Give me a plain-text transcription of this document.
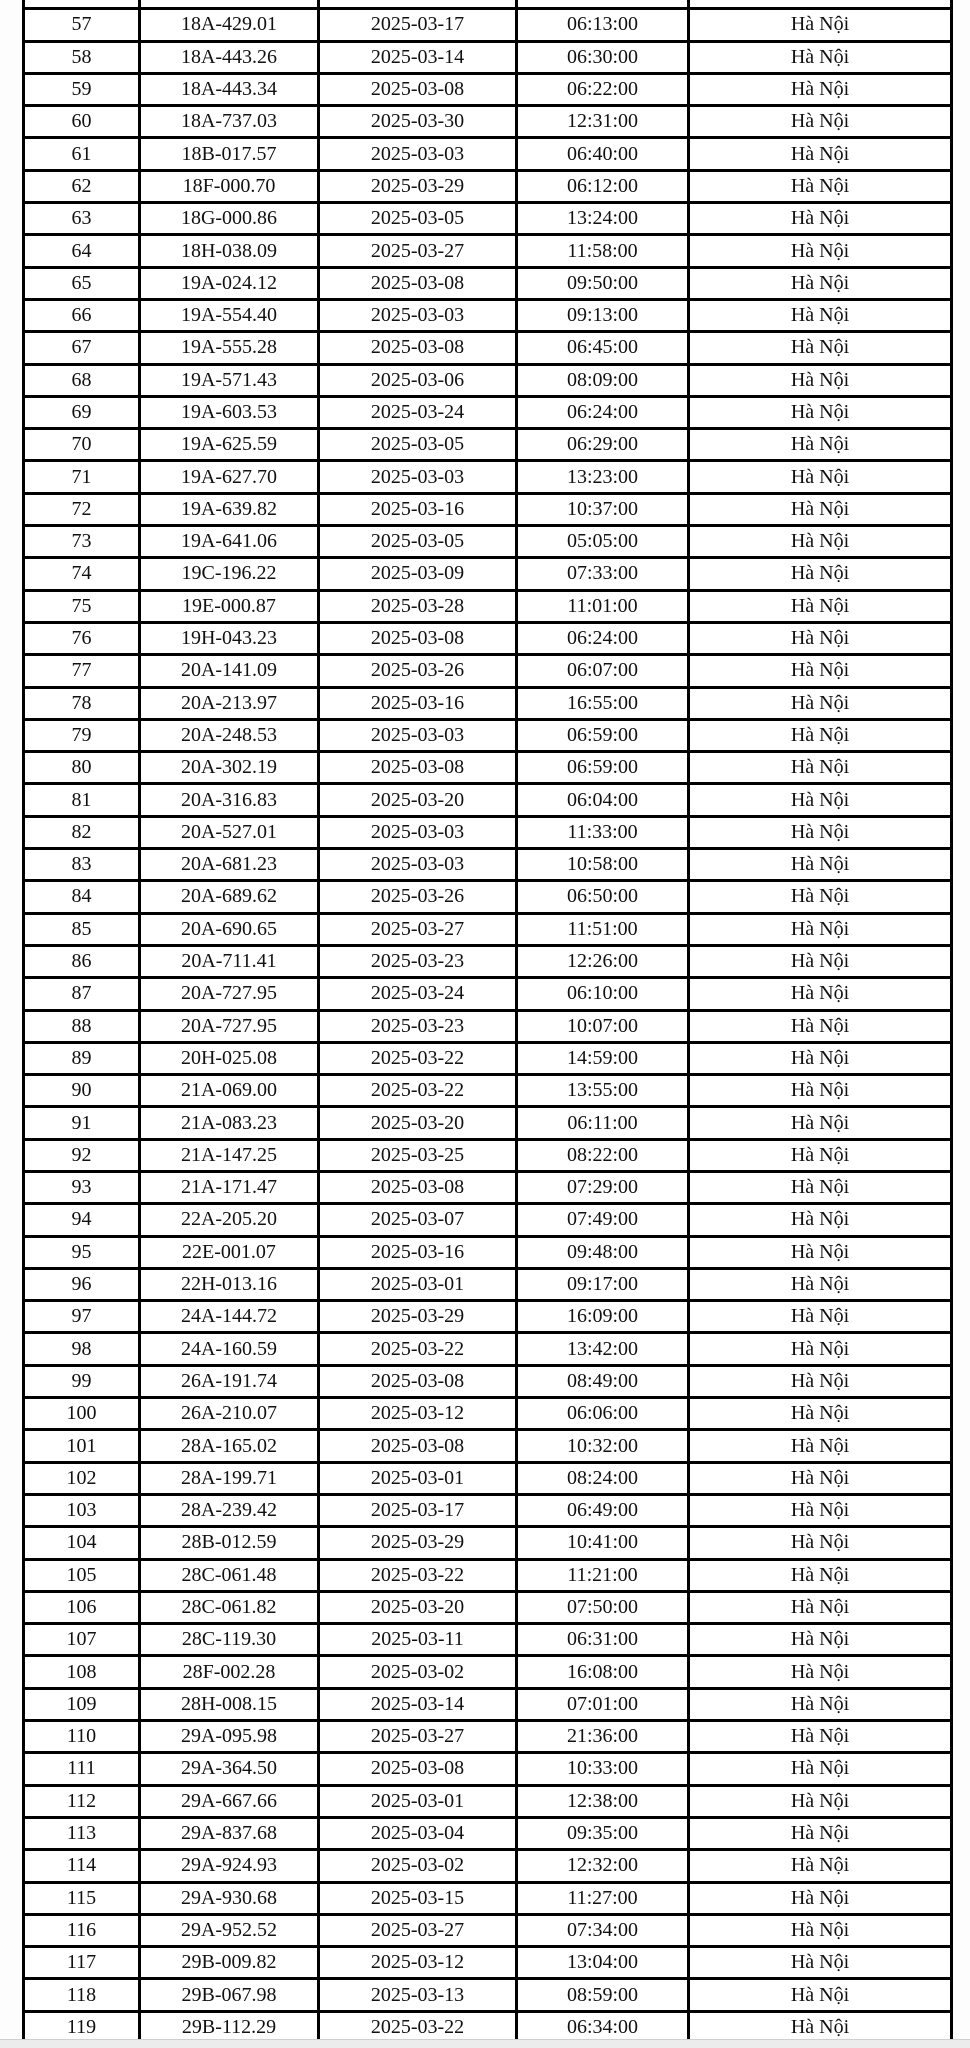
57	18A-429.01	2025-03-17	06:13:00	Hà Nội
58	18A-443.26	2025-03-14	06:30:00	Hà Nội
59	18A-443.34	2025-03-08	06:22:00	Hà Nội
60	18A-737.03	2025-03-30	12:31:00	Hà Nội
61	18B-017.57	2025-03-03	06:40:00	Hà Nội
62	18F-000.70	2025-03-29	06:12:00	Hà Nội
63	18G-000.86	2025-03-05	13:24:00	Hà Nội
64	18H-038.09	2025-03-27	11:58:00	Hà Nội
65	19A-024.12	2025-03-08	09:50:00	Hà Nội
66	19A-554.40	2025-03-03	09:13:00	Hà Nội
67	19A-555.28	2025-03-08	06:45:00	Hà Nội
68	19A-571.43	2025-03-06	08:09:00	Hà Nội
69	19A-603.53	2025-03-24	06:24:00	Hà Nội
70	19A-625.59	2025-03-05	06:29:00	Hà Nội
71	19A-627.70	2025-03-03	13:23:00	Hà Nội
72	19A-639.82	2025-03-16	10:37:00	Hà Nội
73	19A-641.06	2025-03-05	05:05:00	Hà Nội
74	19C-196.22	2025-03-09	07:33:00	Hà Nội
75	19E-000.87	2025-03-28	11:01:00	Hà Nội
76	19H-043.23	2025-03-08	06:24:00	Hà Nội
77	20A-141.09	2025-03-26	06:07:00	Hà Nội
78	20A-213.97	2025-03-16	16:55:00	Hà Nội
79	20A-248.53	2025-03-03	06:59:00	Hà Nội
80	20A-302.19	2025-03-08	06:59:00	Hà Nội
81	20A-316.83	2025-03-20	06:04:00	Hà Nội
82	20A-527.01	2025-03-03	11:33:00	Hà Nội
83	20A-681.23	2025-03-03	10:58:00	Hà Nội
84	20A-689.62	2025-03-26	06:50:00	Hà Nội
85	20A-690.65	2025-03-27	11:51:00	Hà Nội
86	20A-711.41	2025-03-23	12:26:00	Hà Nội
87	20A-727.95	2025-03-24	06:10:00	Hà Nội
88	20A-727.95	2025-03-23	10:07:00	Hà Nội
89	20H-025.08	2025-03-22	14:59:00	Hà Nội
90	21A-069.00	2025-03-22	13:55:00	Hà Nội
91	21A-083.23	2025-03-20	06:11:00	Hà Nội
92	21A-147.25	2025-03-25	08:22:00	Hà Nội
93	21A-171.47	2025-03-08	07:29:00	Hà Nội
94	22A-205.20	2025-03-07	07:49:00	Hà Nội
95	22E-001.07	2025-03-16	09:48:00	Hà Nội
96	22H-013.16	2025-03-01	09:17:00	Hà Nội
97	24A-144.72	2025-03-29	16:09:00	Hà Nội
98	24A-160.59	2025-03-22	13:42:00	Hà Nội
99	26A-191.74	2025-03-08	08:49:00	Hà Nội
100	26A-210.07	2025-03-12	06:06:00	Hà Nội
101	28A-165.02	2025-03-08	10:32:00	Hà Nội
102	28A-199.71	2025-03-01	08:24:00	Hà Nội
103	28A-239.42	2025-03-17	06:49:00	Hà Nội
104	28B-012.59	2025-03-29	10:41:00	Hà Nội
105	28C-061.48	2025-03-22	11:21:00	Hà Nội
106	28C-061.82	2025-03-20	07:50:00	Hà Nội
107	28C-119.30	2025-03-11	06:31:00	Hà Nội
108	28F-002.28	2025-03-02	16:08:00	Hà Nội
109	28H-008.15	2025-03-14	07:01:00	Hà Nội
110	29A-095.98	2025-03-27	21:36:00	Hà Nội
111	29A-364.50	2025-03-08	10:33:00	Hà Nội
112	29A-667.66	2025-03-01	12:38:00	Hà Nội
113	29A-837.68	2025-03-04	09:35:00	Hà Nội
114	29A-924.93	2025-03-02	12:32:00	Hà Nội
115	29A-930.68	2025-03-15	11:27:00	Hà Nội
116	29A-952.52	2025-03-27	07:34:00	Hà Nội
117	29B-009.82	2025-03-12	13:04:00	Hà Nội
118	29B-067.98	2025-03-13	08:59:00	Hà Nội
119	29B-112.29	2025-03-22	06:34:00	Hà Nội
